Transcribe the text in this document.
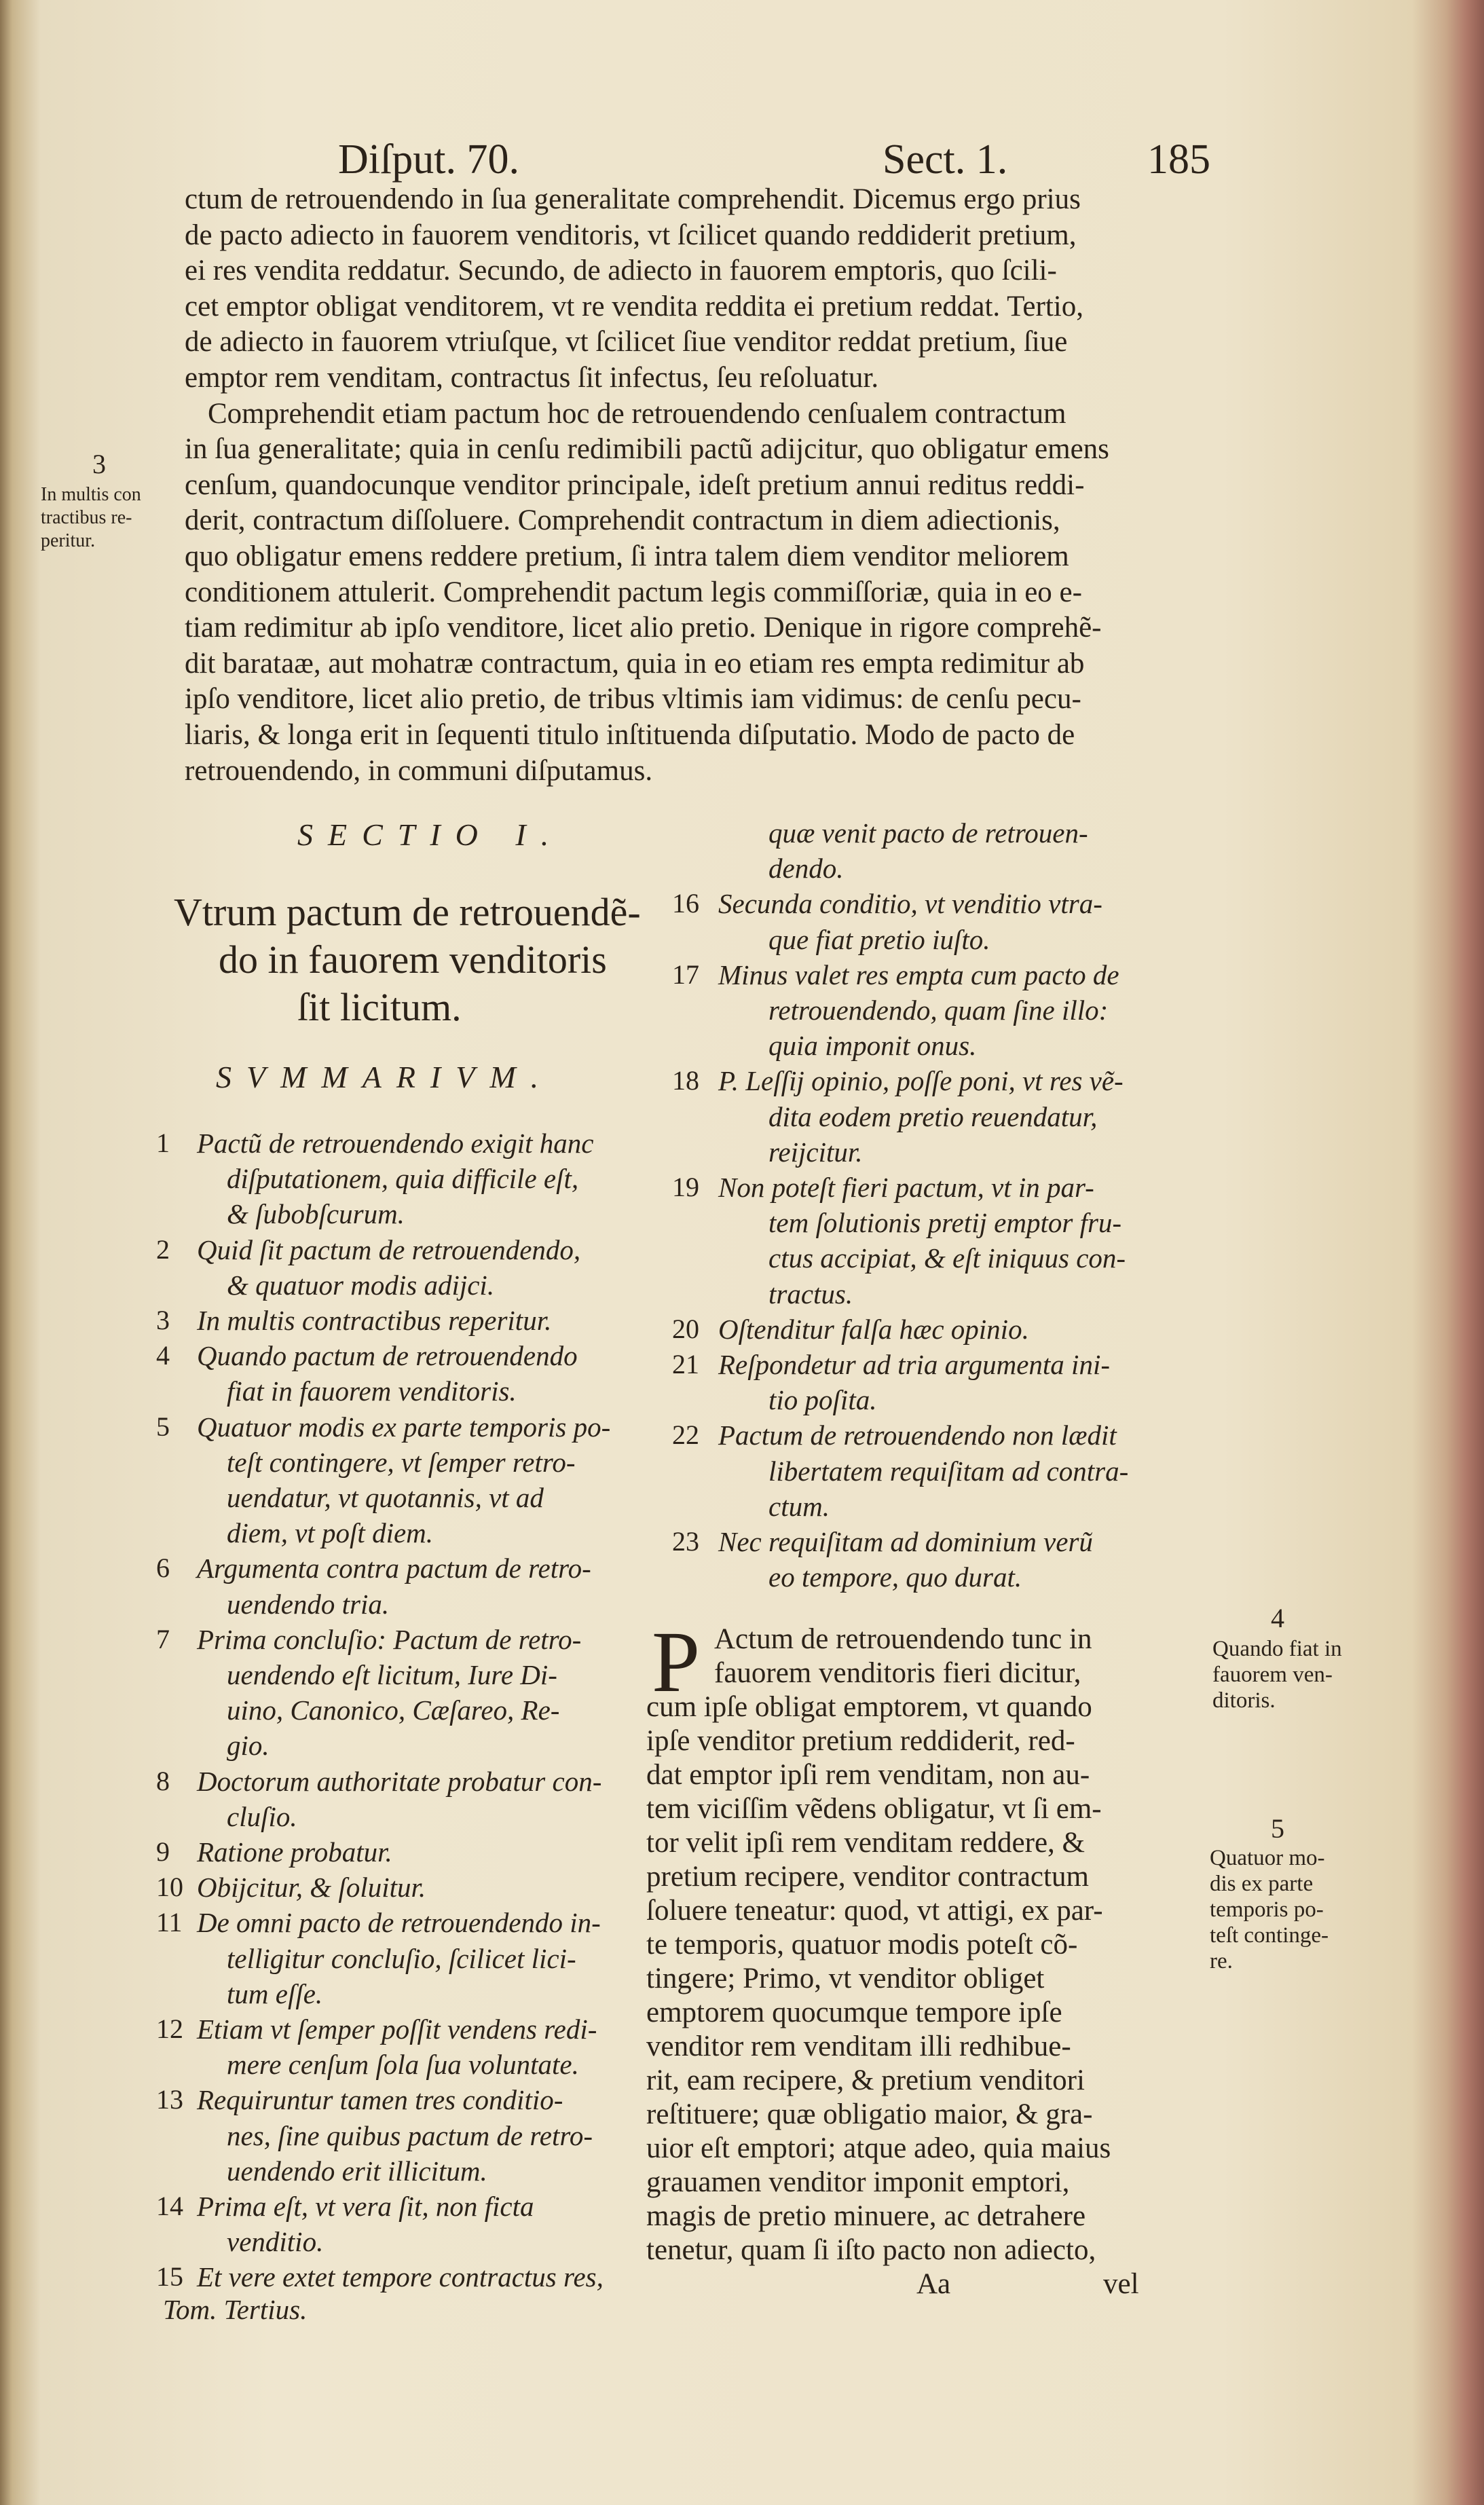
Diſput. 70.	Sect. 1.	185
3
In multis con
tractibus re-
peritur.
SECTIO I.
Vtrum pactum de retrouendẽ-
do in fauorem venditoris
ſit licitum.
SVMMARIVM.
Tom. Tertius.
P
Aa	vel
4
Quando fiat in
fauorem ven-
ditoris.
5
Quatuor mo-
dis ex parte
temporis po-
teſt continge-
re.
ctum de retrouendendo in ſua generalitate comprehendit. Dicemus ergo prius
de pacto adiecto in fauorem venditoris, vt ſcilicet quando reddiderit pretium,
ei res vendita reddatur. Secundo, de adiecto in fauorem emptoris, quo ſcili-
cet emptor obligat venditorem, vt re vendita reddita ei pretium reddat. Tertio,
de adiecto in fauorem vtriuſque, vt ſcilicet ſiue venditor reddat pretium, ſiue
emptor rem venditam, contractus ſit infectus, ſeu reſoluatur.
Comprehendit etiam pactum hoc de retrouendendo cenſualem contractum
in ſua generalitate; quia in cenſu redimibili pactũ adijcitur, quo obligatur emens
cenſum, quandocunque venditor principale, ideſt pretium annui reditus reddi-
derit, contractum diſſoluere. Comprehendit contractum in diem adiectionis,
quo obligatur emens reddere pretium, ſi intra talem diem venditor meliorem
conditionem attulerit. Comprehendit pactum legis commiſſoriæ, quia in eo e-
tiam redimitur ab ipſo venditore, licet alio pretio. Denique in rigore comprehẽ-
dit barataæ, aut mohatræ contractum, quia in eo etiam res empta redimitur ab
ipſo venditore, licet alio pretio, de tribus vltimis iam vidimus: de cenſu pecu-
liaris, & longa erit in ſequenti titulo inſtituenda diſputatio. Modo de pacto de
retrouendendo, in communi diſputamus.
1 Pactũ de retrouendendo exigit hanc
diſputationem, quia difficile eſt,
& ſubobſcurum.
2 Quid ſit pactum de retrouendendo,
& quatuor modis adijci.
3 In multis contractibus reperitur.
4 Quando pactum de retrouendendo
fiat in fauorem venditoris.
5 Quatuor modis ex parte temporis po-
teſt contingere, vt ſemper retro-
uendatur, vt quotannis, vt ad
diem, vt poſt diem.
6 Argumenta contra pactum de retro-
uendendo tria.
7 Prima concluſio: Pactum de retro-
uendendo eſt licitum, Iure Di-
uino, Canonico, Cæſareo, Re-
gio.
8 Doctorum authoritate probatur con-
cluſio.
9 Ratione probatur.
10 Obijcitur, & ſoluitur.
11 De omni pacto de retrouendendo in-
telligitur concluſio, ſcilicet lici-
tum eſſe.
12 Etiam vt ſemper poſſit vendens redi-
mere cenſum ſola ſua voluntate.
13 Requiruntur tamen tres conditio-
nes, ſine quibus pactum de retro-
uendendo erit illicitum.
14 Prima eſt, vt vera ſit, non ficta
venditio.
15 Et vere extet tempore contractus res,
quæ venit pacto de retrouen-
dendo.
16 Secunda conditio, vt venditio vtra-
que fiat pretio iuſto.
17 Minus valet res empta cum pacto de
retrouendendo, quam ſine illo:
quia imponit onus.
18 P. Leſſij opinio, poſſe poni, vt res vẽ-
dita eodem pretio reuendatur,
reijcitur.
19 Non poteſt fieri pactum, vt in par-
tem ſolutionis pretij emptor fru-
ctus accipiat, & eſt iniquus con-
tractus.
20 Oſtenditur falſa hæc opinio.
21 Reſpondetur ad tria argumenta ini-
tio poſita.
22 Pactum de retrouendendo non lædit
libertatem requiſitam ad contra-
ctum.
23 Nec requiſitam ad dominium verũ
eo tempore, quo durat.
Actum de retrouendendo tunc in
fauorem venditoris fieri dicitur,
cum ipſe obligat emptorem, vt quando
ipſe venditor pretium reddiderit, red-
dat emptor ipſi rem venditam, non au-
tem viciſſim vẽdens obligatur, vt ſi em-
tor velit ipſi rem venditam reddere, &
pretium recipere, venditor contractum
ſoluere teneatur: quod, vt attigi, ex par-
te temporis, quatuor modis poteſt cõ-
tingere; Primo, vt venditor obliget
emptorem quocumque tempore ipſe
venditor rem venditam illi redhibue-
rit, eam recipere, & pretium venditori
reſtituere; quæ obligatio maior, & gra-
uior eſt emptori; atque adeo, quia maius
grauamen venditor imponit emptori,
magis de pretio minuere, ac detrahere
tenetur, quam ſi iſto pacto non adiecto,
